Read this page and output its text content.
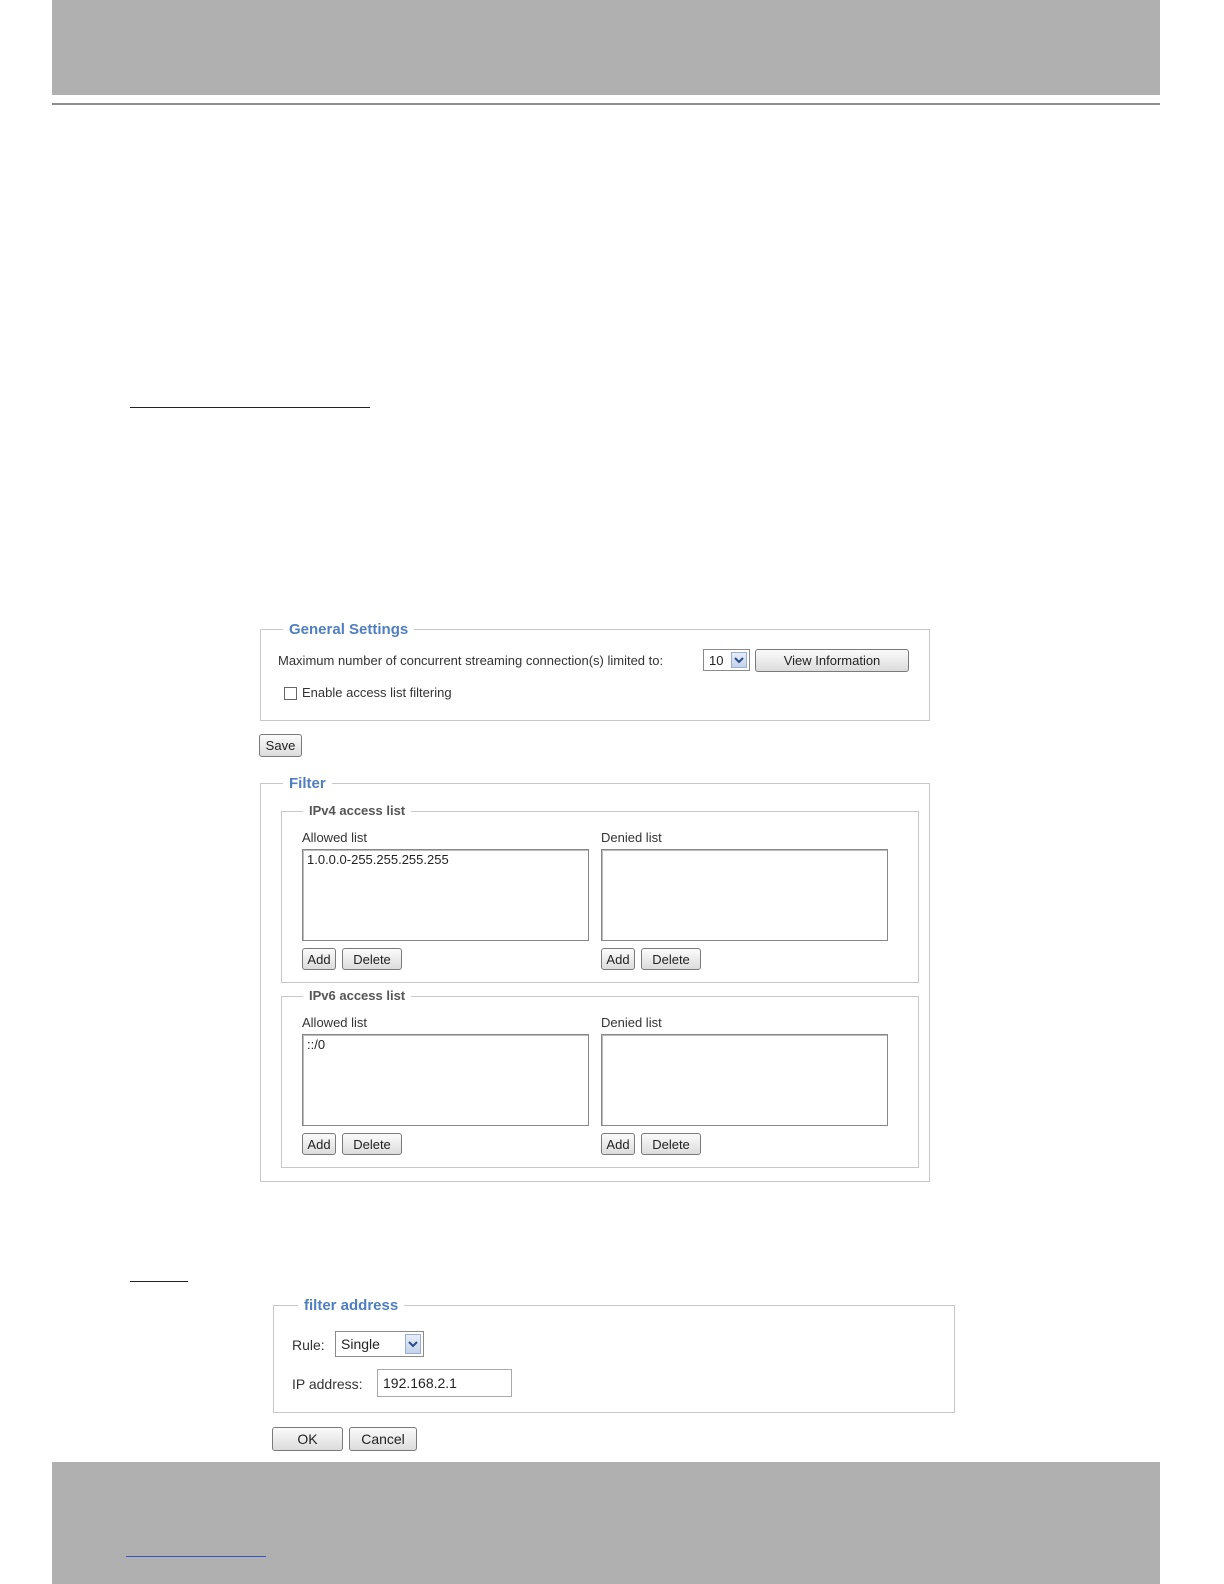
General Settings
Maximum number of concurrent streaming connection(s) limited to:	10	View Information
Enable access list filtering
Save
Filter
IPv4 access list
Allowed list
1.0.0.0-255.255.255.255
Add	Delete
Denied list
Add	Delete
IPv6 access list
Allowed list
::/0
Add	Delete
Denied list
Add	Delete
filter address
Rule:	Single
IP address:	192.168.2.1
OK	Cancel
